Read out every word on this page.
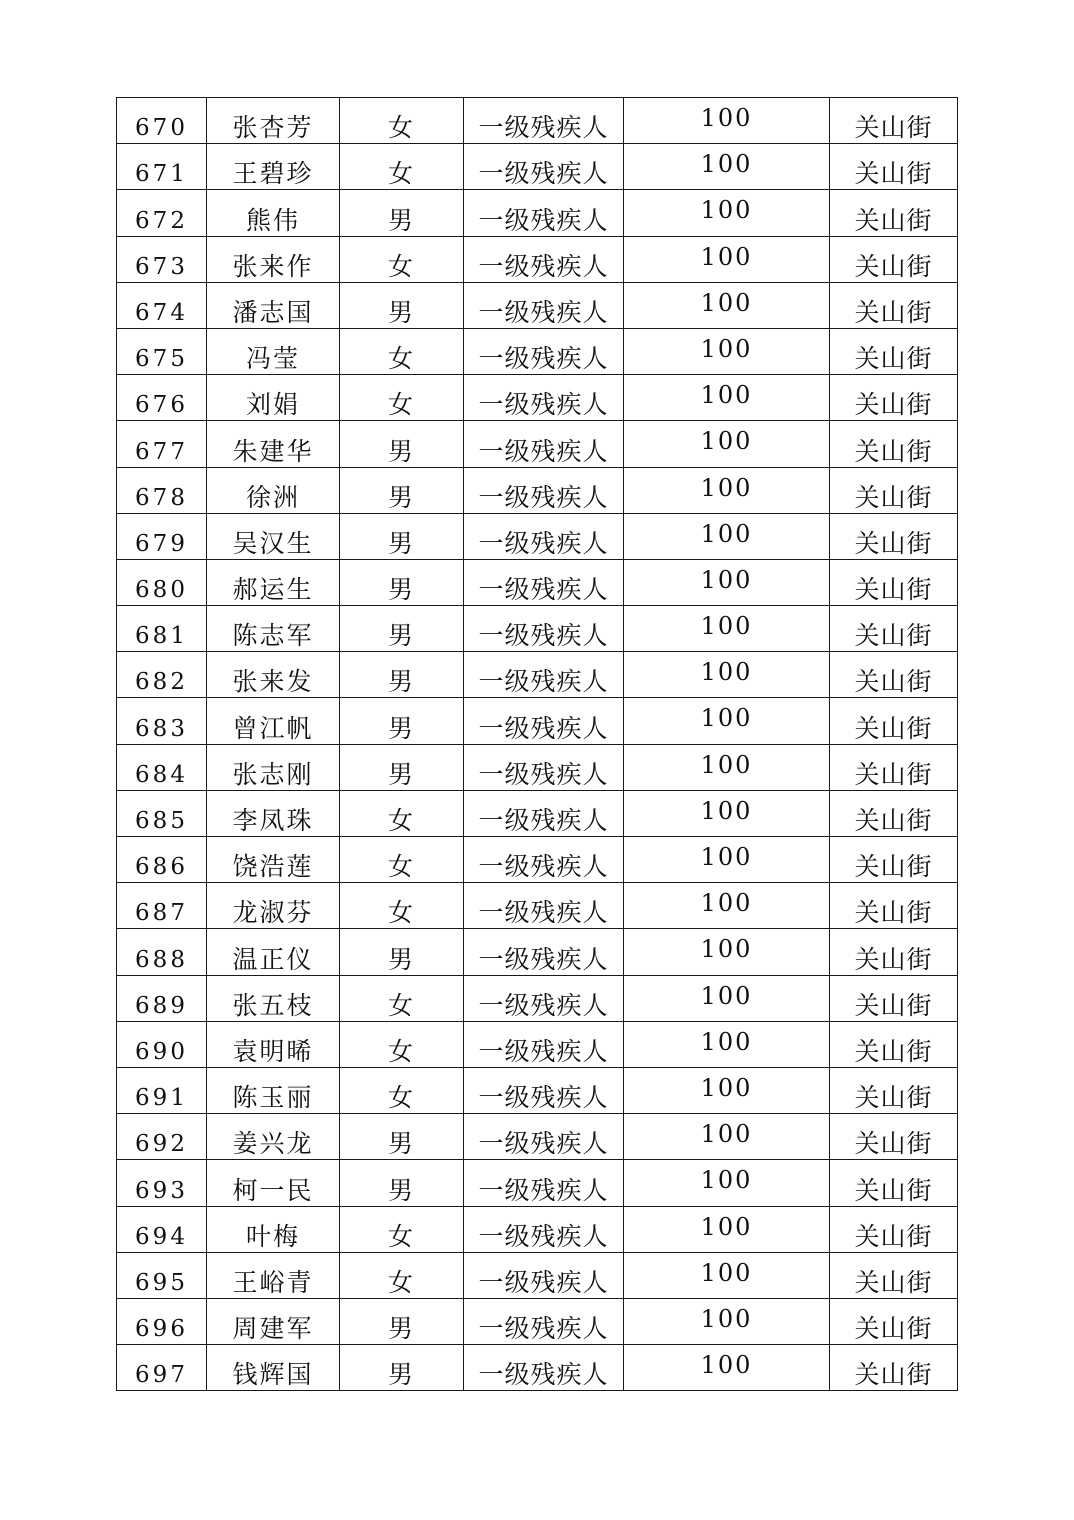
670	张杏芳	女	一级残疾人	100	关山街
671	王碧珍	女	一级残疾人	100	关山街
672	熊伟	男	一级残疾人	100	关山街
673	张来作	女	一级残疾人	100	关山街
674	潘志国	男	一级残疾人	100	关山街
675	冯莹	女	一级残疾人	100	关山街
676	刘娟	女	一级残疾人	100	关山街
677	朱建华	男	一级残疾人	100	关山街
678	徐洲	男	一级残疾人	100	关山街
679	吴汉生	男	一级残疾人	100	关山街
680	郝运生	男	一级残疾人	100	关山街
681	陈志军	男	一级残疾人	100	关山街
682	张来发	男	一级残疾人	100	关山街
683	曾江帆	男	一级残疾人	100	关山街
684	张志刚	男	一级残疾人	100	关山街
685	李凤珠	女	一级残疾人	100	关山街
686	饶浩莲	女	一级残疾人	100	关山街
687	龙淑芬	女	一级残疾人	100	关山街
688	温正仪	男	一级残疾人	100	关山街
689	张五枝	女	一级残疾人	100	关山街
690	袁明晞	女	一级残疾人	100	关山街
691	陈玉丽	女	一级残疾人	100	关山街
692	姜兴龙	男	一级残疾人	100	关山街
693	柯一民	男	一级残疾人	100	关山街
694	叶梅	女	一级残疾人	100	关山街
695	王峪青	女	一级残疾人	100	关山街
696	周建军	男	一级残疾人	100	关山街
697	钱辉国	男	一级残疾人	100	关山街
